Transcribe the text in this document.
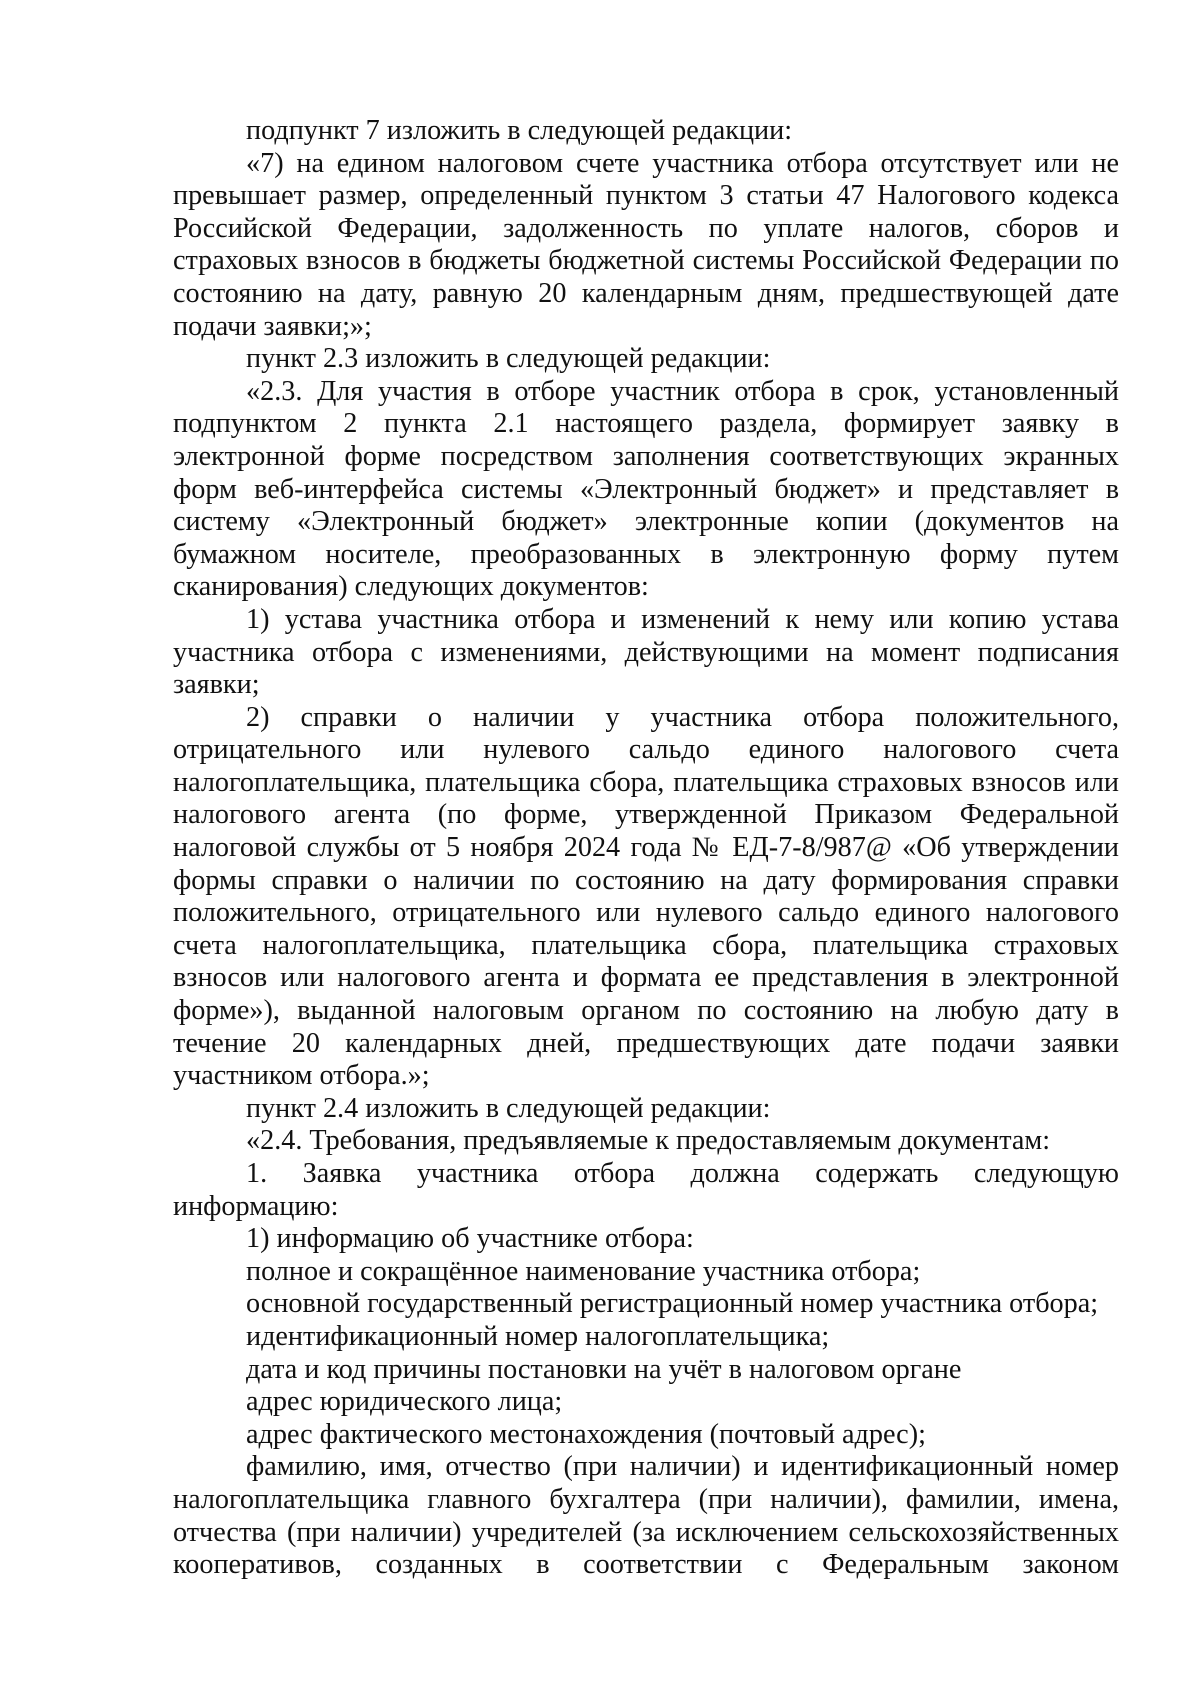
подпункт 7 изложить в следующей редакции:

«7) на едином налоговом счете участника отбора отсутствует или не превышает размер, определенный пунктом 3 статьи 47 Налогового кодекса Российской Федерации, задолженность по уплате налогов, сборов и страховых взносов в бюджеты бюджетной системы Российской Федерации по состоянию на дату, равную 20 календарным дням, предшествующей дате подачи заявки;»;

пункт 2.3 изложить в следующей редакции:

«2.3. Для участия в отборе участник отбора в срок, установленный подпунктом 2 пункта 2.1 настоящего раздела, формирует заявку в электронной форме посредством заполнения соответствующих экранных форм веб-интерфейса системы «Электронный бюджет» и представляет в систему «Электронный бюджет» электронные копии (документов на бумажном носителе, преобразованных в электронную форму путем сканирования) следующих документов:

1) устава участника отбора и изменений к нему или копию устава участника отбора с изменениями, действующими на момент подписания заявки;

2) справки о наличии у участника отбора положительного, отрицательного или нулевого сальдо единого налогового счета налогоплательщика, плательщика сбора, плательщика страховых взносов или налогового агента (по форме, утвержденной Приказом Федеральной налоговой службы от 5 ноября 2024 года № ЕД-7-8/987@ «Об утверждении формы справки о наличии по состоянию на дату формирования справки положительного, отрицательного или нулевого сальдо единого налогового счета налогоплательщика, плательщика сбора, плательщика страховых взносов или налогового агента и формата ее представления в электронной форме»), выданной налоговым органом по состоянию на любую дату в течение 20 календарных дней, предшествующих дате подачи заявки участником отбора.»;

пункт 2.4 изложить в следующей редакции:

«2.4. Требования, предъявляемые к предоставляемым документам:

1. Заявка участника отбора должна содержать следующую информацию:

1) информацию об участнике отбора:

полное и сокращённое наименование участника отбора;

основной государственный регистрационный номер участника отбора;

идентификационный номер налогоплательщика;

дата и код причины постановки на учёт в налоговом органе

адрес юридического лица;

адрес фактического местонахождения (почтовый адрес);

фамилию, имя, отчество (при наличии) и идентификационный номер налогоплательщика главного бухгалтера (при наличии), фамилии, имена, отчества (при наличии) учредителей (за исключением сельскохозяйственных кооперативов, созданных в соответствии с Федеральным законом
